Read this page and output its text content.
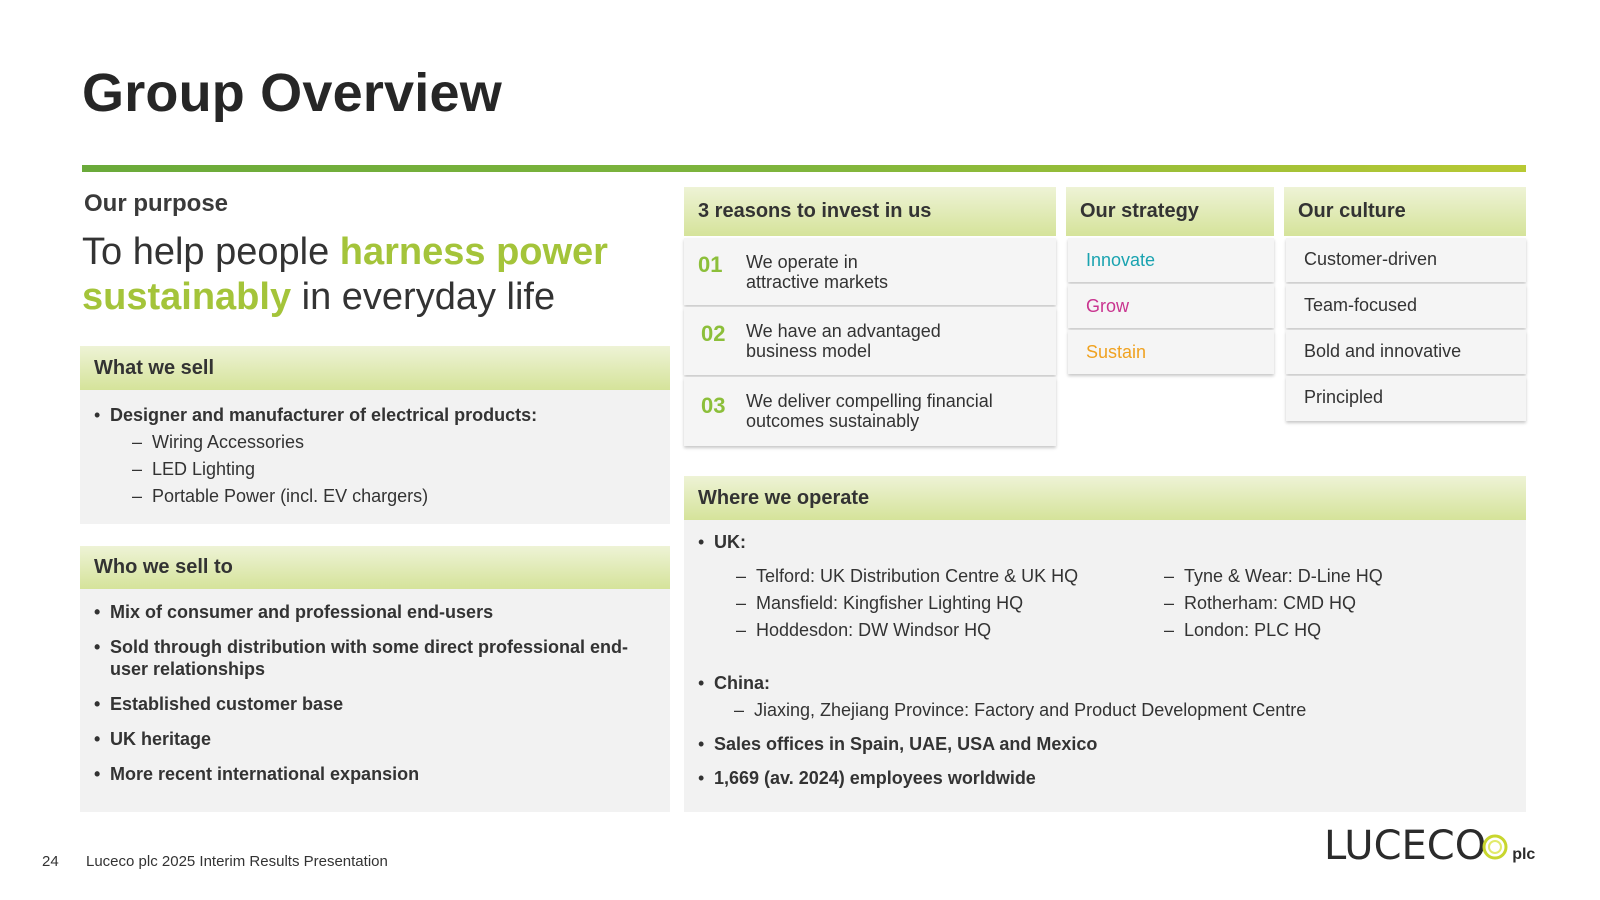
Group Overview
Our purpose
To help people harness power sustainably in everyday life
What we sell
• Designer and manufacturer of electrical products:
– Wiring Accessories
– LED Lighting
– Portable Power (incl. EV chargers)
Who we sell to
• Mix of consumer and professional end-users
• Sold through distribution with some direct professional end-user relationships
• Established customer base
• UK heritage
• More recent international expansion
3 reasons to invest in us
01 We operate in attractive markets
02 We have an advantaged business model
03 We deliver compelling financial outcomes sustainably
Our strategy
Innovate
Grow
Sustain
Our culture
Customer-driven
Team-focused
Bold and innovative
Principled
Where we operate
• UK:
– Telford: UK Distribution Centre & UK HQ
– Mansfield: Kingfisher Lighting HQ
– Hoddesdon: DW Windsor HQ
– Tyne & Wear: D-Line HQ
– Rotherham: CMD HQ
– London: PLC HQ
• China:
– Jiaxing, Zhejiang Province: Factory and Product Development Centre
• Sales offices in Spain, UAE, USA and Mexico
• 1,669 (av. 2024) employees worldwide
24 Luceco plc 2025 Interim Results Presentation	LUCECO plc
